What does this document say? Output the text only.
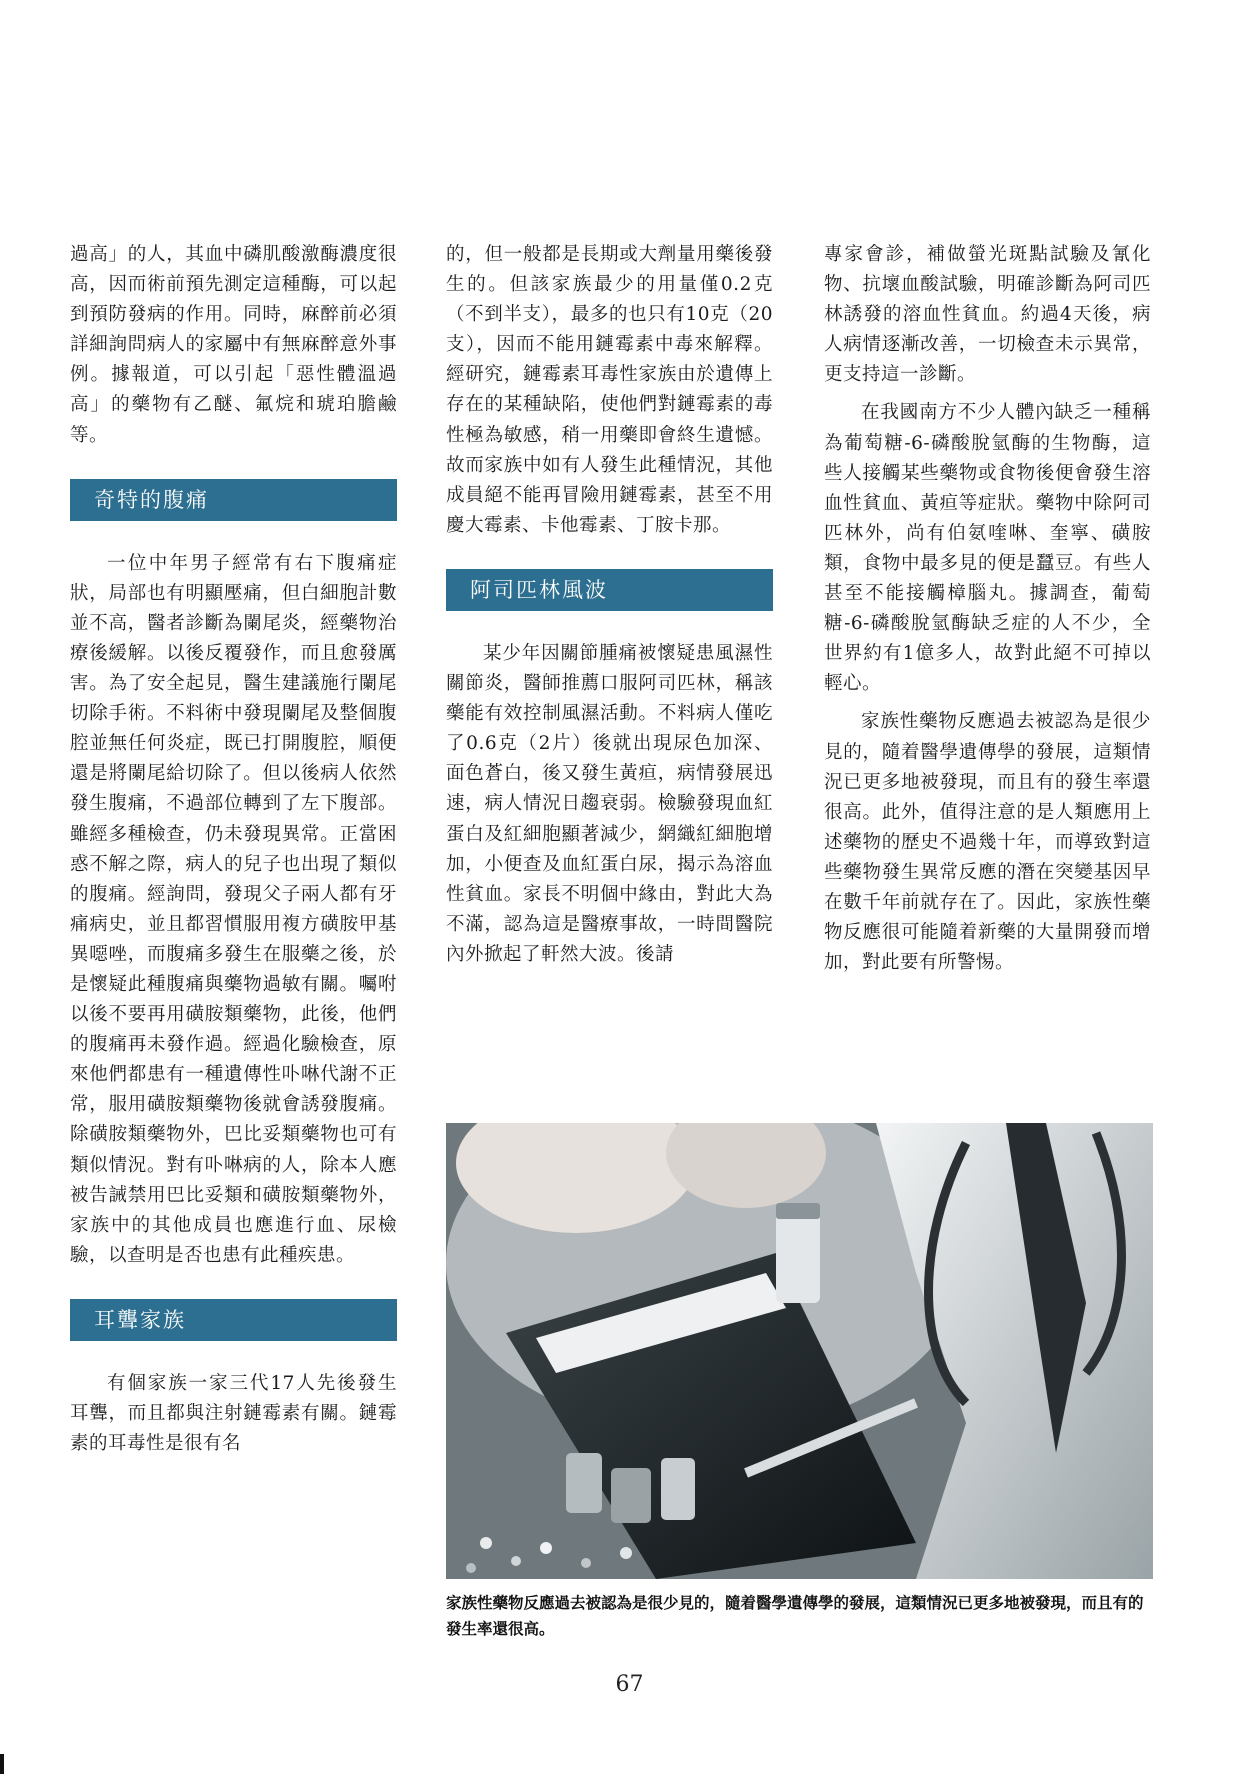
過高」的人，其血中磷肌酸激酶濃度很高，因而術前預先測定這種酶，可以起到預防發病的作用。同時，麻醉前必須詳細詢問病人的家屬中有無麻醉意外事例。據報道，可以引起「惡性體溫過高」的藥物有乙醚、氟烷和琥珀膽鹼等。

奇特的腹痛

一位中年男子經常有右下腹痛症狀，局部也有明顯壓痛，但白細胞計數並不高，醫者診斷為闌尾炎，經藥物治療後緩解。以後反覆發作，而且愈發厲害。為了安全起見，醫生建議施行闌尾切除手術。不料術中發現闌尾及整個腹腔並無任何炎症，既已打開腹腔，順便還是將闌尾給切除了。但以後病人依然發生腹痛，不過部位轉到了左下腹部。雖經多種檢查，仍未發現異常。正當困惑不解之際，病人的兒子也出現了類似的腹痛。經詢問，發現父子兩人都有牙痛病史，並且都習慣服用複方磺胺甲基異噁唑，而腹痛多發生在服藥之後，於是懷疑此種腹痛與藥物過敏有關。囑咐以後不要再用磺胺類藥物，此後，他們的腹痛再未發作過。經過化驗檢查，原來他們都患有一種遺傳性卟啉代謝不正常，服用磺胺類藥物後就會誘發腹痛。除磺胺類藥物外，巴比妥類藥物也可有類似情況。對有卟啉病的人，除本人應被告誡禁用巴比妥類和磺胺類藥物外，家族中的其他成員也應進行血、尿檢驗，以查明是否也患有此種疾患。

耳聾家族

有個家族一家三代17人先後發生耳聾，而且都與注射鏈霉素有關。鏈霉素的耳毒性是很有名

的，但一般都是長期或大劑量用藥後發生的。但該家族最少的用量僅0.2克（不到半支），最多的也只有10克（20支），因而不能用鏈霉素中毒來解釋。經研究，鏈霉素耳毒性家族由於遺傳上存在的某種缺陷，使他們對鏈霉素的毒性極為敏感，稍一用藥即會終生遺憾。故而家族中如有人發生此種情況，其他成員絕不能再冒險用鏈霉素，甚至不用慶大霉素、卡他霉素、丁胺卡那。

阿司匹林風波

某少年因關節腫痛被懷疑患風濕性關節炎，醫師推薦口服阿司匹林，稱該藥能有效控制風濕活動。不料病人僅吃了0.6克（2片）後就出現尿色加深、面色蒼白，後又發生黃疸，病情發展迅速，病人情況日趨衰弱。檢驗發現血紅蛋白及紅細胞顯著減少，網織紅細胞增加，小便查及血紅蛋白尿，揭示為溶血性貧血。家長不明個中緣由，對此大為不滿，認為這是醫療事故，一時間醫院內外掀起了軒然大波。後請

專家會診，補做螢光斑點試驗及氰化物、抗壞血酸試驗，明確診斷為阿司匹林誘發的溶血性貧血。約過4天後，病人病情逐漸改善，一切檢查未示異常，更支持這一診斷。

在我國南方不少人體內缺乏一種稱為葡萄糖-6-磷酸脫氫酶的生物酶，這些人接觸某些藥物或食物後便會發生溶血性貧血、黃疸等症狀。藥物中除阿司匹林外，尚有伯氨喹啉、奎寧、磺胺類，食物中最多見的便是蠶豆。有些人甚至不能接觸樟腦丸。據調查，葡萄糖-6-磷酸脫氫酶缺乏症的人不少，全世界約有1億多人，故對此絕不可掉以輕心。

家族性藥物反應過去被認為是很少見的，隨着醫學遺傳學的發展，這類情況已更多地被發現，而且有的發生率還很高。此外，值得注意的是人類應用上述藥物的歷史不過幾十年，而導致對這些藥物發生異常反應的潛在突變基因早在數千年前就存在了。因此，家族性藥物反應很可能隨着新藥的大量開發而增加，對此要有所警惕。

家族性藥物反應過去被認為是很少見的，隨着醫學遺傳學的發展，這類情況已更多地被發現，而且有的發生率還很高。
67
